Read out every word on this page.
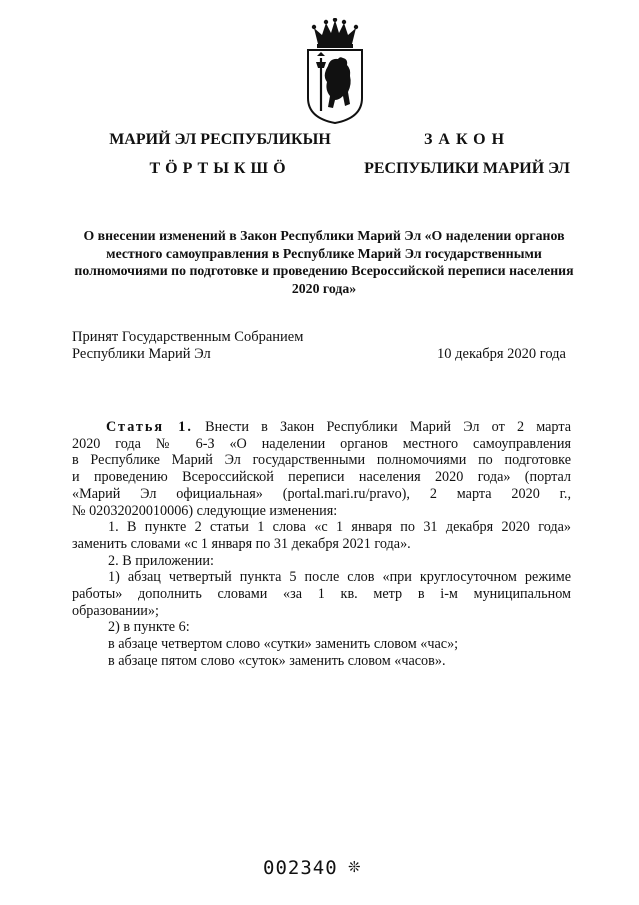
МАРИЙ ЭЛ РЕСПУБЛИКЫН
ТӦРТЫКШӦ
ЗАКОН
РЕСПУБЛИКИ МАРИЙ ЭЛ
О внесении изменений в Закон Республики Марий Эл «О наделении органов местного самоуправления в Республике Марий Эл государственными полномочиями по подготовке и проведению Всероссийской переписи населения 2020 года»
Принят Государственным Собранием
Республики Марий Эл	10 декабря 2020 года

Статья 1. Внести в Закон Республики Марий Эл от 2 марта

2020 года № 6-З «О наделении органов местного самоуправления

в Республике Марий Эл государственными полномочиями по подготовке

и проведению Всероссийской переписи населения 2020 года» (портал

«Марий Эл официальная» (portal.mari.ru/pravo), 2 марта 2020 г.,

№ 02032020010006) следующие изменения:

1. В пункте 2 статьи 1 слова «с 1 января по 31 декабря 2020 года»

заменить словами «с 1 января по 31 декабря 2021 года».

2. В приложении:

1) абзац четвертый пункта 5 после слов «при круглосуточном режиме

работы» дополнить словами «за 1 кв. метр в і-м муниципальном

образовании»;

2) в пункте 6:

в абзаце четвертом слово «сутки» заменить словом «час»;

в абзаце пятом слово «суток» заменить словом «часов».

002340 ❊
